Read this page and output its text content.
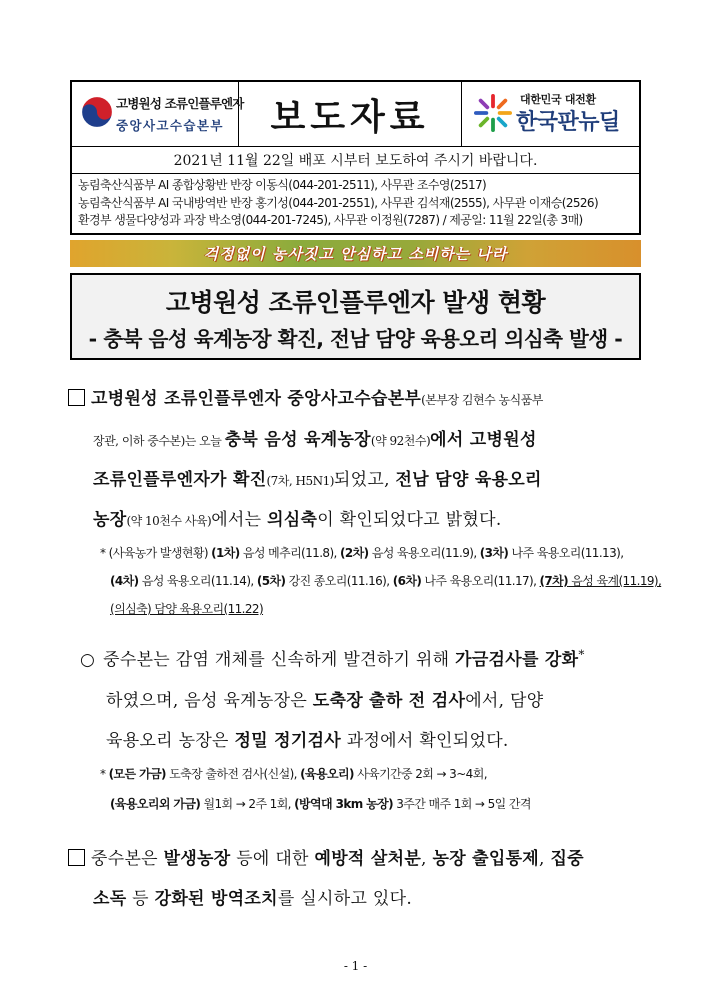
고병원성 조류인플루엔자
중앙사고수습본부 보도자료	대한민국 대전환
한국판뉴딜
2021년 11월 22일 배포 시부터 보도하여 주시기 바랍니다.
농림축산식품부 AI 종합상황반 반장 이동식(044-201-2511), 사무관 조수영(2517)
농림축산식품부 AI 국내방역반 반장 홍기성(044-201-2551), 사무관 김석재(2555), 사무관 이재승(2526)
환경부 생물다양성과 과장 박소영(044-201-7245), 사무관 이정원(7287) / 제공일: 11월 22일(총 3매)
걱정없이 농사짓고 안심하고 소비하는 나라
고병원성 조류인플루엔자 발생 현황
- 충북 음성 육계농장 확진, 전남 담양 육용오리 의심축 발생 -
고병원성 조류인플루엔자 중앙사고수습본부(본부장 김현수 농식품부
장관, 이하 중수본)는 오늘 충북 음성 육계농장(약 92천수)에서 고병원성
조류인플루엔자가 확진(7차, H5N1)되었고, 전남 담양 육용오리
농장(약 10천수 사육)에서는 의심축이 확인되었다고 밝혔다.
* (사육농가 발생현황) (1차) 음성 메추리(11.8), (2차) 음성 육용오리(11.9), (3차) 나주 육용오리(11.13),
(4차) 음성 육용오리(11.14), (5차) 강진 종오리(11.16), (6차) 나주 육용오리(11.17), (7차) 음성 육계(11.19),
(의심축) 담양 육용오리(11.22)
○ 중수본는 감염 개체를 신속하게 발견하기 위해 가금검사를 강화*
하였으며, 음성 육계농장은 도축장 출하 전 검사에서, 담양
육용오리 농장은 정밀 정기검사 과정에서 확인되었다.
* (모든 가금) 도축장 출하전 검사(신설), (육용오리) 사육기간중 2회 → 3~4회,
(육용오리외 가금) 월1회 → 2주 1회, (방역대 3km 농장) 3주간 매주 1회 → 5일 간격
중수본은 발생농장 등에 대한 예방적 살처분, 농장 출입통제, 집중
소독 등 강화된 방역조치를 실시하고 있다.
- 1 -
